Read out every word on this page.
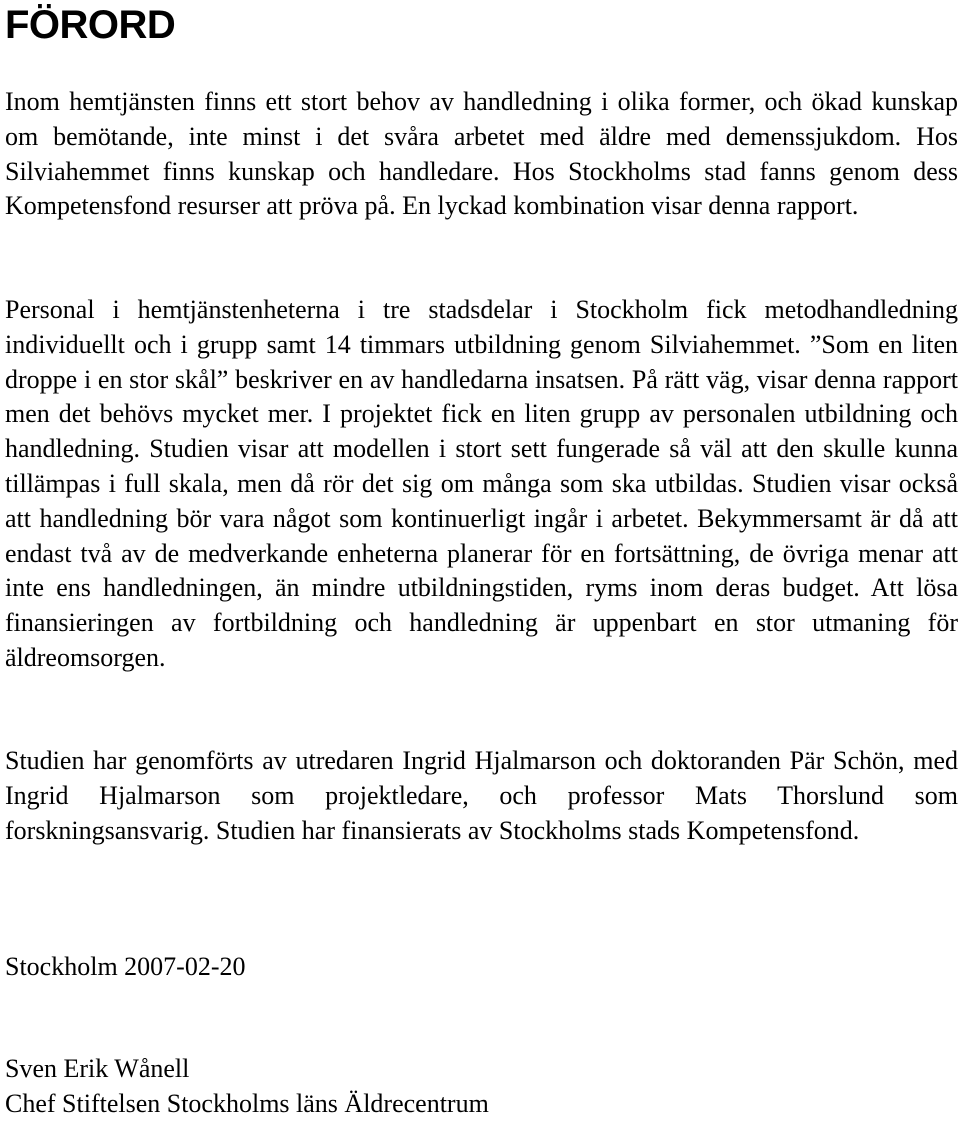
FÖRORD

Inom hemtjänsten finns ett stort behov av handledning i olika former, och ökad kunskap om bemötande, inte minst i det svåra arbetet med äldre med demenssjukdom. Hos Silviahemmet finns kunskap och handledare. Hos Stockholms stad fanns genom dess Kompetensfond resurser att pröva på. En lyckad kombination visar denna rapport.

Personal i hemtjänstenheterna i tre stadsdelar i Stockholm fick metodhandledning individuellt och i grupp samt 14 timmars utbildning genom Silviahemmet. ”Som en liten droppe i en stor skål” beskriver en av handledarna insatsen. På rätt väg, visar denna rapport men det behövs mycket mer. I projektet fick en liten grupp av personalen utbildning och handledning. Studien visar att modellen i stort sett fungerade så väl att den skulle kunna tillämpas i full skala, men då rör det sig om många som ska utbildas. Studien visar också att handledning bör vara något som kontinuerligt ingår i arbetet. Bekymmersamt är då att endast två av de medverkande enheterna planerar för en fortsättning, de övriga menar att inte ens handledningen, än mindre utbildningstiden, ryms inom deras budget. Att lösa finansieringen av fortbildning och handledning är uppenbart en stor utmaning för äldreomsorgen.

Studien har genomförts av utredaren Ingrid Hjalmarson och doktoranden Pär Schön, med Ingrid Hjalmarson som projektledare, och professor Mats Thorslund som forskningsansvarig. Studien har finansierats av Stockholms stads Kompetensfond.

Stockholm 2007-02-20

Sven Erik Wånell

Chef Stiftelsen Stockholms läns Äldrecentrum
